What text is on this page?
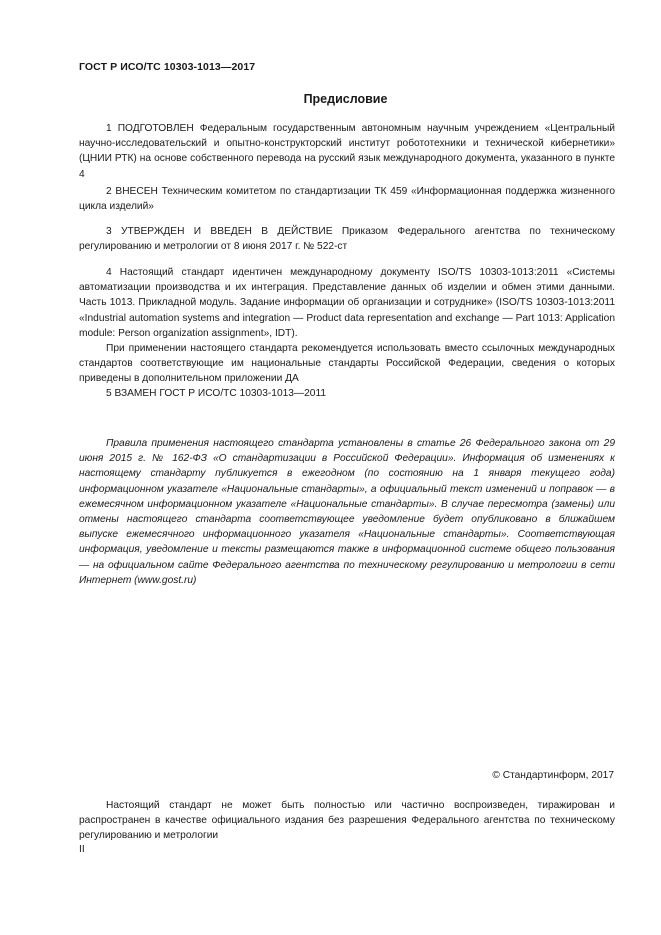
ГОСТ Р ИСО/ТС 10303-1013—2017
Предисловие

1 ПОДГОТОВЛЕН Федеральным государственным автономным научным учреждением «Центральный научно-исследовательский и опытно-конструкторский институт робототехники и технической кибернетики» (ЦНИИ РТК) на основе собственного перевода на русский язык международного документа, указанного в пункте 4

2 ВНЕСЕН Техническим комитетом по стандартизации ТК 459 «Информационная поддержка жизненного цикла изделий»

3 УТВЕРЖДЕН И ВВЕДЕН В ДЕЙСТВИЕ Приказом Федерального агентства по техническому регулированию и метрологии от 8 июня 2017 г. № 522-ст

4 Настоящий стандарт идентичен международному документу ISO/TS 10303-1013:2011 «Системы автоматизации производства и их интеграция. Представление данных об изделии и обмен этими данными. Часть 1013. Прикладной модуль. Задание информации об организации и сотруднике» (ISO/TS 10303-1013:2011 «Industrial automation systems and integration — Product data representation and exchange — Part 1013: Application module: Person organization assignment», IDT).

При применении настоящего стандарта рекомендуется использовать вместо ссылочных международных стандартов соответствующие им национальные стандарты Российской Федерации, сведения о которых приведены в дополнительном приложении ДА

5 ВЗАМЕН ГОСТ Р ИСО/ТС 10303-1013—2011

Правила применения настоящего стандарта установлены в статье 26 Федерального закона от 29 июня 2015 г. № 162-ФЗ «О стандартизации в Российской Федерации». Информация об изменениях к настоящему стандарту публикуется в ежегодном (по состоянию на 1 января текущего года) информационном указателе «Национальные стандарты», а официальный текст изменений и поправок — в ежемесячном информационном указателе «Национальные стандарты». В случае пересмотра (замены) или отмены настоящего стандарта соответствующее уведомление будет опубликовано в ближайшем выпуске ежемесячного информационного указателя «Национальные стандарты». Соответствующая информация, уведомление и тексты размещаются также в информационной системе общего пользования — на официальном сайте Федерального агентства по техническому регулированию и метрологии в сети Интернет (www.gost.ru)

© Стандартинформ, 2017

Настоящий стандарт не может быть полностью или частично воспроизведен, тиражирован и распространен в качестве официального издания без разрешения Федерального агентства по техническому регулированию и метрологии

II
